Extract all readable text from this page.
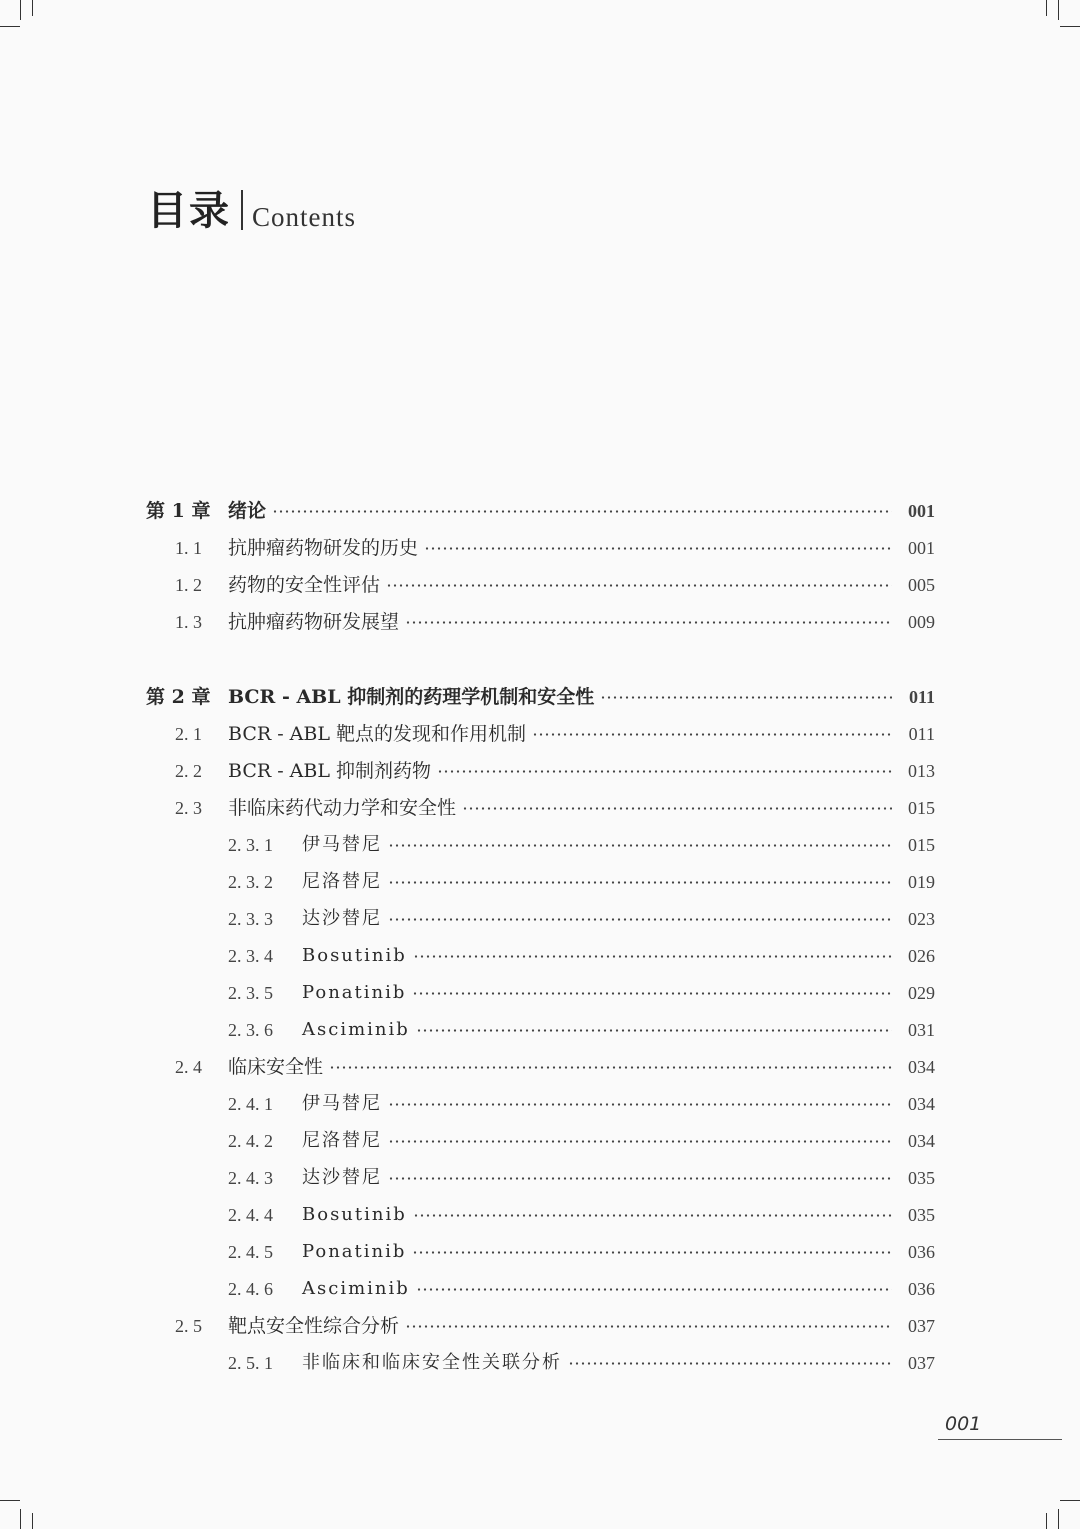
目录 Contents
第 1 章 绪论	001
1. 1 抗肿瘤药物研发的历史	001
1. 2 药物的安全性评估	005
1. 3 抗肿瘤药物研发展望	009
第 2 章 BCR - ABL 抑制剂的药理学机制和安全性	011
2. 1 BCR - ABL 靶点的发现和作用机制	011
2. 2 BCR - ABL 抑制剂药物	013
2. 3 非临床药代动力学和安全性	015
2. 3. 1 伊马替尼	015
2. 3. 2 尼洛替尼	019
2. 3. 3 达沙替尼	023
2. 3. 4 Bosutinib	026
2. 3. 5 Ponatinib	029
2. 3. 6 Asciminib	031
2. 4 临床安全性	034
2. 4. 1 伊马替尼	034
2. 4. 2 尼洛替尼	034
2. 4. 3 达沙替尼	035
2. 4. 4 Bosutinib	035
2. 4. 5 Ponatinib	036
2. 4. 6 Asciminib	036
2. 5 靶点安全性综合分析	037
2. 5. 1 非临床和临床安全性关联分析	037
001
